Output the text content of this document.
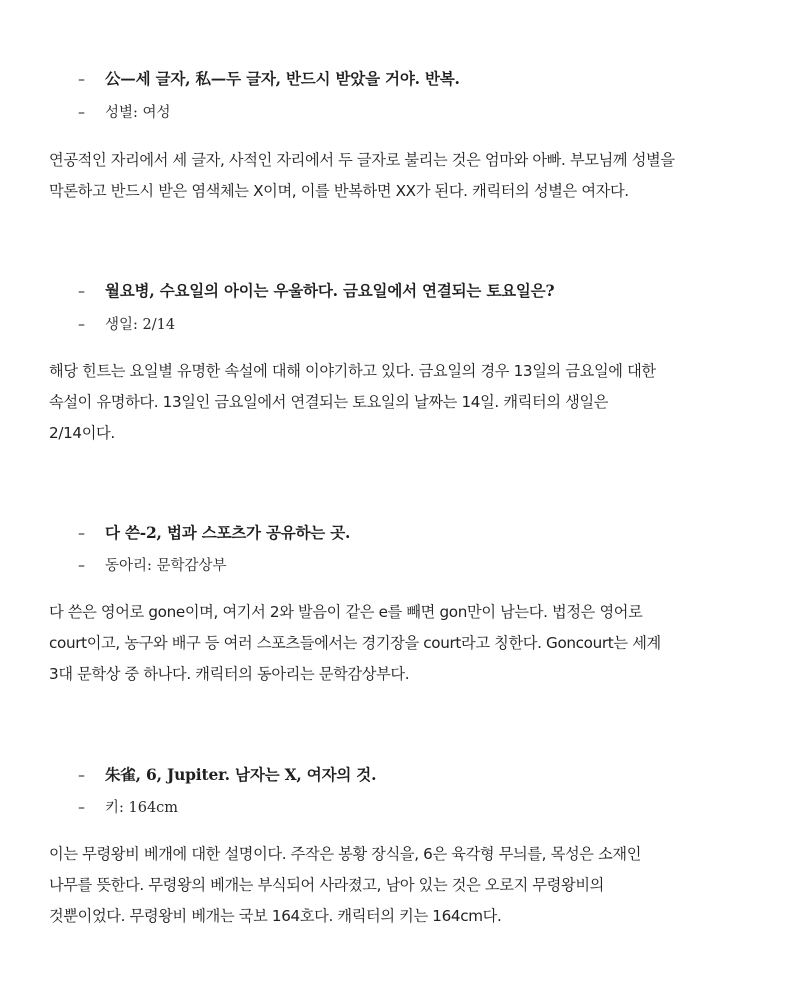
– 公—세 글자, 私—두 글자, 반드시 받았을 거야. 반복.
– 성별: 여성
연공적인 자리에서 세 글자, 사적인 자리에서 두 글자로 불리는 것은 엄마와 아빠. 부모님께 성별을
막론하고 반드시 받은 염색체는 X이며, 이를 반복하면 XX가 된다. 캐릭터의 성별은 여자다.
– 월요병, 수요일의 아이는 우울하다. 금요일에서 연결되는 토요일은?
– 생일: 2/14
해당 힌트는 요일별 유명한 속설에 대해 이야기하고 있다. 금요일의 경우 13일의 금요일에 대한
속설이 유명하다. 13일인 금요일에서 연결되는 토요일의 날짜는 14일. 캐릭터의 생일은
2/14이다.
– 다 쓴-2, 법과 스포츠가 공유하는 곳.
– 동아리: 문학감상부
다 쓴은 영어로 gone이며, 여기서 2와 발음이 같은 e를 빼면 gon만이 남는다. 법정은 영어로
court이고, 농구와 배구 등 여러 스포츠들에서는 경기장을 court라고 칭한다. Goncourt는 세계
3대 문학상 중 하나다. 캐릭터의 동아리는 문학감상부다.
– 朱雀, 6, Jupiter. 남자는 X, 여자의 것.
– 키: 164cm
이는 무령왕비 베개에 대한 설명이다. 주작은 봉황 장식을, 6은 육각형 무늬를, 목성은 소재인
나무를 뜻한다. 무령왕의 베개는 부식되어 사라졌고, 남아 있는 것은 오로지 무령왕비의
것뿐이었다. 무령왕비 베개는 국보 164호다. 캐릭터의 키는 164cm다.
